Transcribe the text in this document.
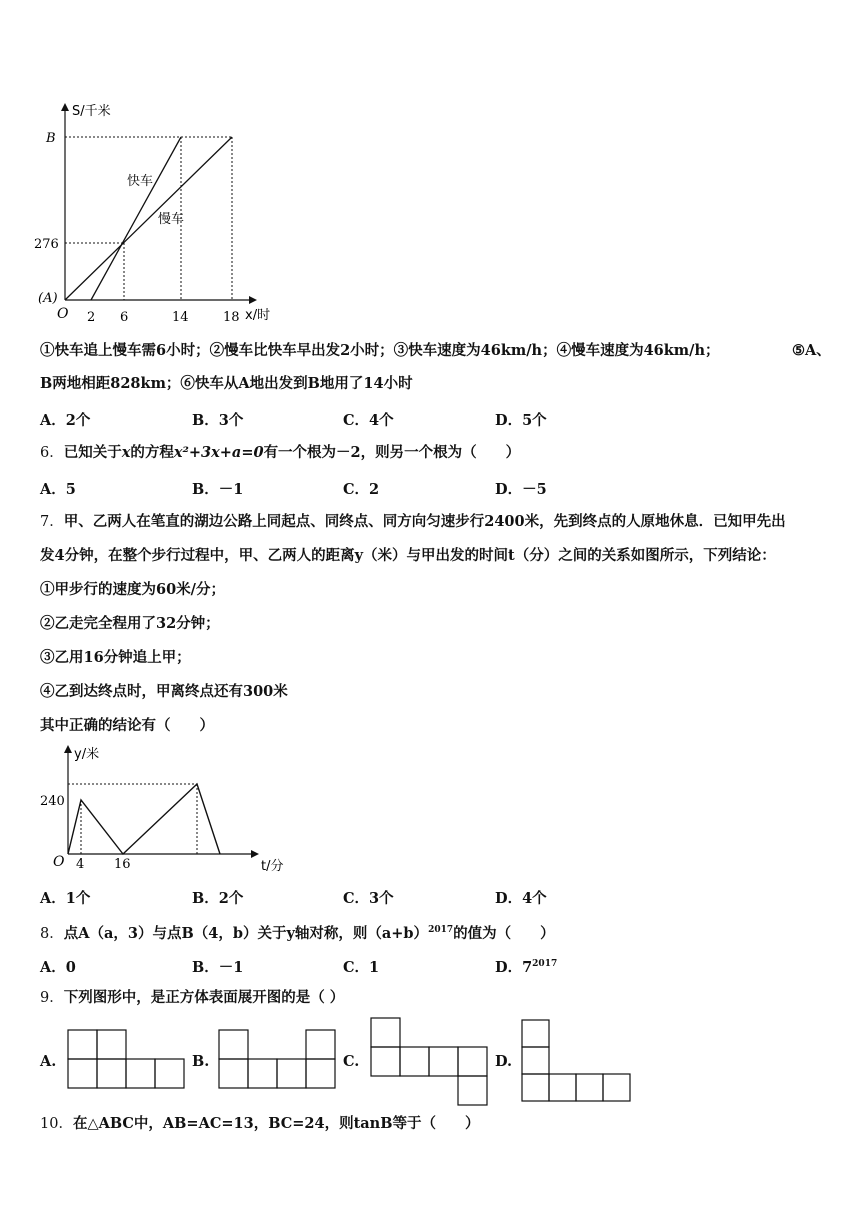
S/千米
B
276
(A)
O 2 6	14	18 x/时
快车
慢车
①快车追上慢车需6小时；②慢车比快车早出发2小时；③快车速度为46km/h；④慢车速度为46km/h；	⑤A、
B两地相距828km；⑥快车从A地出发到B地用了14小时
A．2个	B．3个	C．4个	D．5个
6．已知关于x的方程x²+3x+a=0有一个根为－2，则另一个根为（　　）
A．5	B．－1	C．2	D．－5
7．甲、乙两人在笔直的湖边公路上同起点、同终点、同方向匀速步行2400米，先到终点的人原地休息．已知甲先出
发4分钟，在整个步行过程中，甲、乙两人的距离y（米）与甲出发的时间t（分）之间的关系如图所示，下列结论：
①甲步行的速度为60米/分；
②乙走完全程用了32分钟；
③乙用16分钟追上甲；
④乙到达终点时，甲离终点还有300米
其中正确的结论有（　　）
y/米
240
O 4 16	t/分
A．1个	B．2个	C．3个	D．4个
8．点A（a，3）与点B（4，b）关于y轴对称，则$(a+b)^{2017}$的值为（　　）
A．0	B．－1	C．1	D．$7^{2017}$
9．下列图形中，是正方体表面展开图的是（ ）
A.	B.	C.	D.
10．在△ABC中，AB=AC=13，BC=24，则tanB等于（　　）
